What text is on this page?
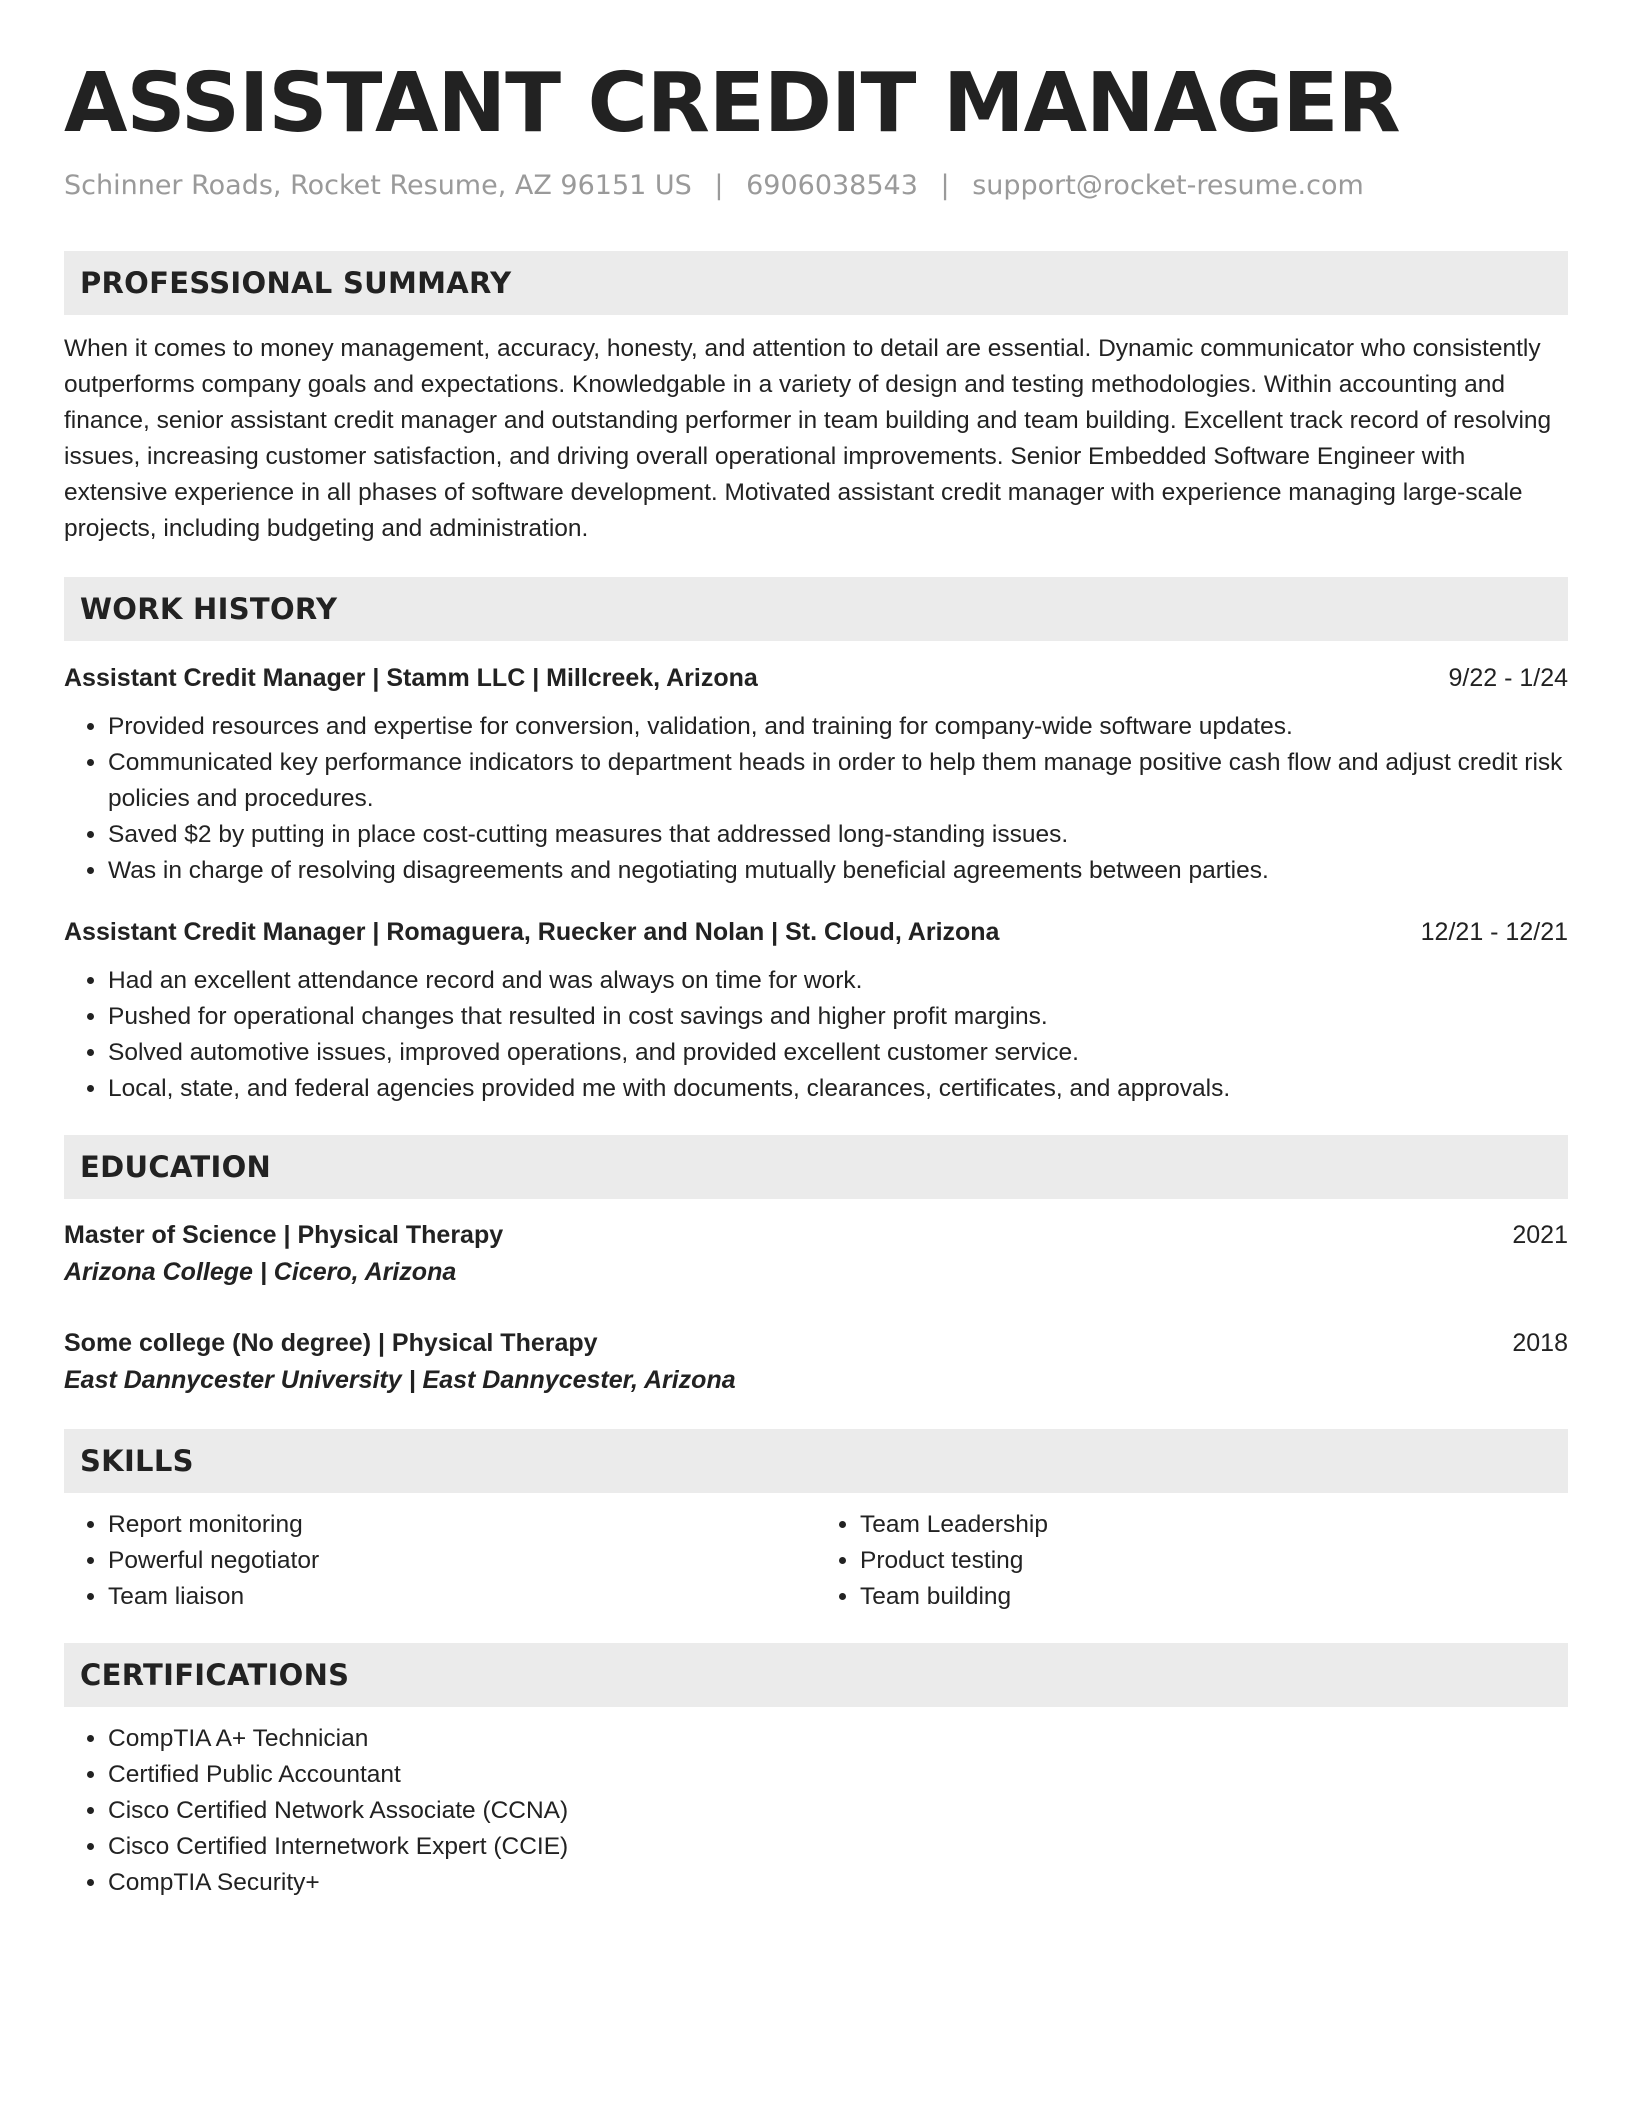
ASSISTANT CREDIT MANAGER
Schinner Roads, Rocket Resume, AZ 96151 US | 6906038543 | support@rocket-resume.com
PROFESSIONAL SUMMARY

When it comes to money management, accuracy, honesty, and attention to detail are essential. Dynamic communicator who consistently outperforms company goals and expectations. Knowledgable in a variety of design and testing methodologies. Within accounting and finance, senior assistant credit manager and outstanding performer in team building and team building. Excellent track record of resolving issues, increasing customer satisfaction, and driving overall operational improvements. Senior Embedded Software Engineer with extensive experience in all phases of software development. Motivated assistant credit manager with experience managing large-scale projects, including budgeting and administration.

WORK HISTORY
Assistant Credit Manager | Stamm LLC | Millcreek, Arizona	9/22 - 1/24
• Provided resources and expertise for conversion, validation, and training for company-wide software updates.
• Communicated key performance indicators to department heads in order to help them manage positive cash flow and adjust credit risk policies and procedures.
• Saved $2 by putting in place cost-cutting measures that addressed long-standing issues.
• Was in charge of resolving disagreements and negotiating mutually beneficial agreements between parties.
Assistant Credit Manager | Romaguera, Ruecker and Nolan | St. Cloud, Arizona	12/21 - 12/21
• Had an excellent attendance record and was always on time for work.
• Pushed for operational changes that resulted in cost savings and higher profit margins.
• Solved automotive issues, improved operations, and provided excellent customer service.
• Local, state, and federal agencies provided me with documents, clearances, certificates, and approvals.
EDUCATION
Master of Science | Physical Therapy	2021
Arizona College | Cicero, Arizona
Some college (No degree) | Physical Therapy	2018
East Dannycester University | East Dannycester, Arizona
SKILLS
• Report monitoring
• Powerful negotiator
• Team liaison
• Team Leadership
• Product testing
• Team building
CERTIFICATIONS
• CompTIA A+ Technician
• Certified Public Accountant
• Cisco Certified Network Associate (CCNA)
• Cisco Certified Internetwork Expert (CCIE)
• CompTIA Security+
